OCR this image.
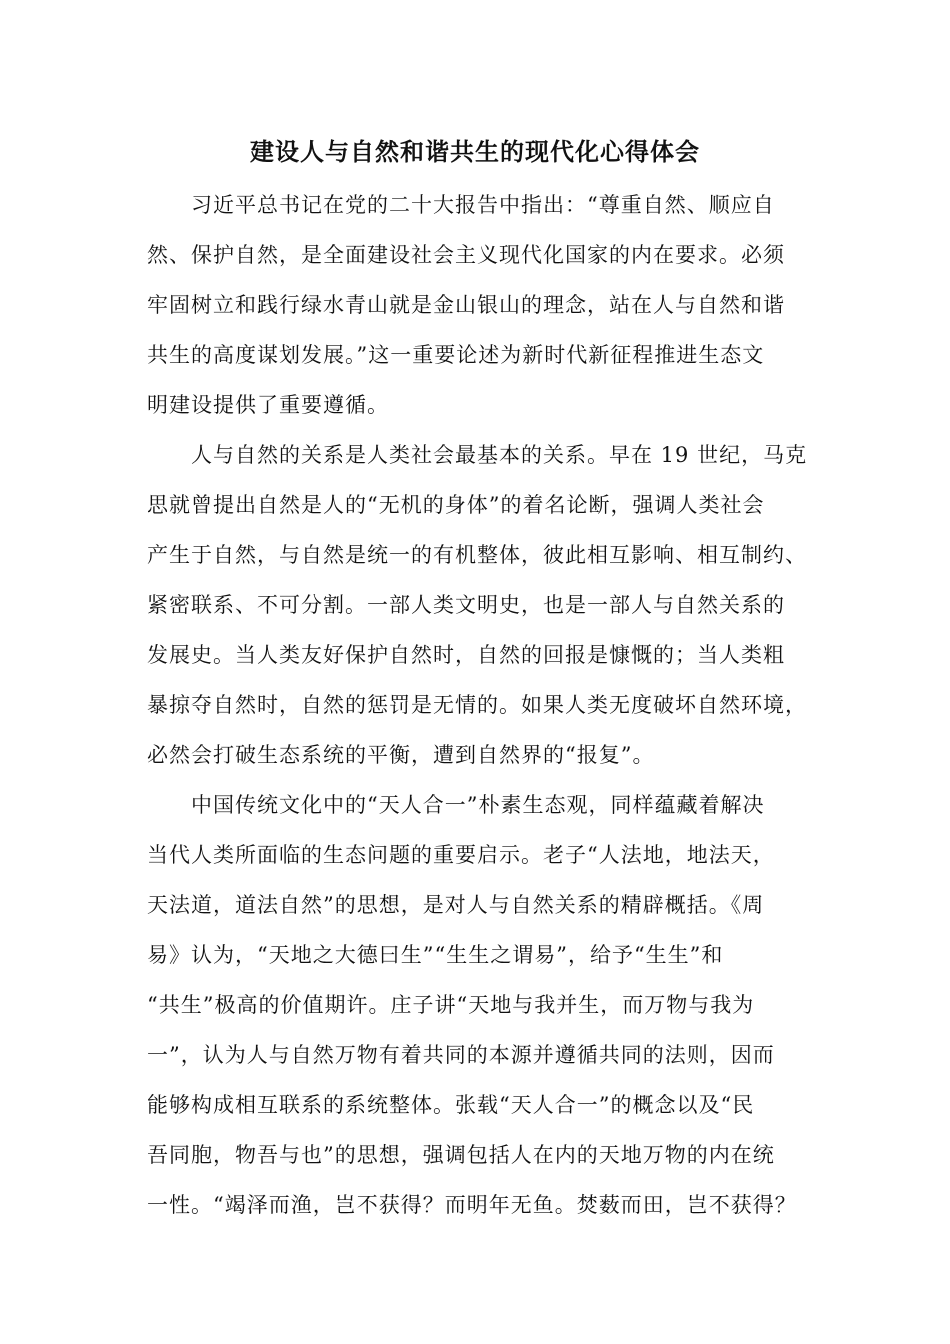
建设人与自然和谐共生的现代化心得体会
习近平总书记在党的二十大报告中指出：“尊重自然、顺应自
然、保护自然，是全面建设社会主义现代化国家的内在要求。必须
牢固树立和践行绿水青山就是金山银山的理念，站在人与自然和谐
共生的高度谋划发展。”这一重要论述为新时代新征程推进生态文
明建设提供了重要遵循。
人与自然的关系是人类社会最基本的关系。早在 19 世纪，马克
思就曾提出自然是人的“无机的身体”的着名论断，强调人类社会
产生于自然，与自然是统一的有机整体，彼此相互影响、相互制约、
紧密联系、不可分割。一部人类文明史，也是一部人与自然关系的
发展史。当人类友好保护自然时，自然的回报是慷慨的；当人类粗
暴掠夺自然时，自然的惩罚是无情的。如果人类无度破坏自然环境，
必然会打破生态系统的平衡，遭到自然界的“报复”。
中国传统文化中的“天人合一”朴素生态观，同样蕴藏着解决
当代人类所面临的生态问题的重要启示。老子“人法地，地法天，
天法道，道法自然”的思想，是对人与自然关系的精辟概括。《周
易》认为，“天地之大德曰生”“生生之谓易”，给予“生生”和
“共生”极高的价值期许。庄子讲“天地与我并生，而万物与我为
一”，认为人与自然万物有着共同的本源并遵循共同的法则，因而
能够构成相互联系的系统整体。张载“天人合一”的概念以及“民
吾同胞，物吾与也”的思想，强调包括人在内的天地万物的内在统
一性。“竭泽而渔，岂不获得？而明年无鱼。焚薮而田，岂不获得？
